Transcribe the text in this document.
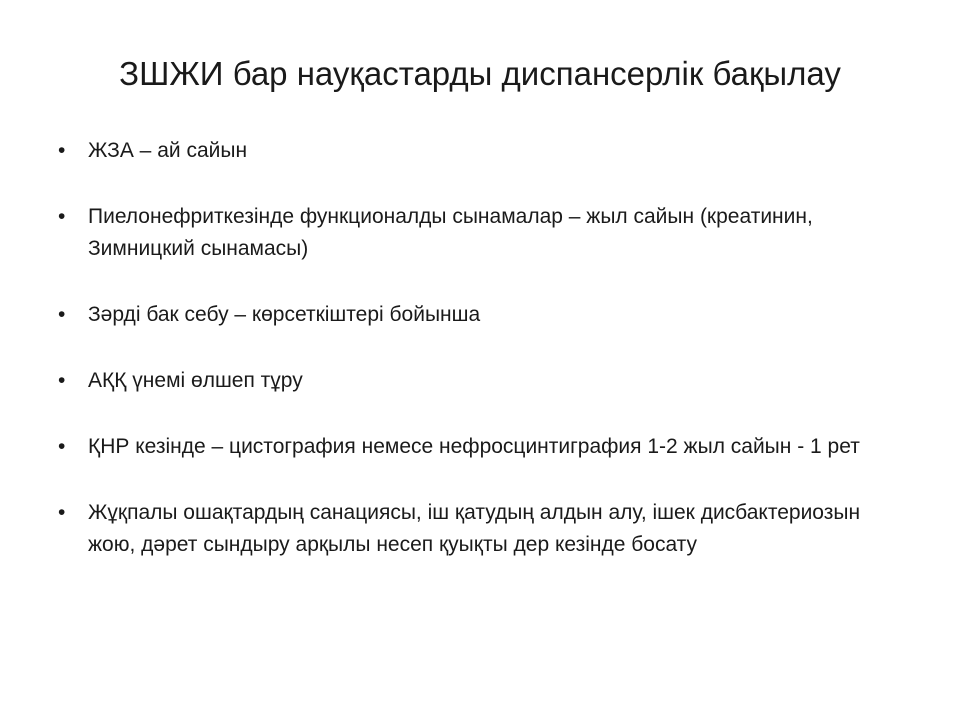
ЗШЖИ бар науқастарды диспансерлік бақылау
•	ЖЗА – ай сайын
•	Пиелонефриткезінде функционалды сынамалар – жыл сайын (креатинин, Зимницкий сынамасы)
•	Зәрді бак себу – көрсеткіштері бойынша
•	АҚҚ үнемі өлшеп тұру
•	ҚНР кезінде – цистография немесе нефросцинтиграфия 1-2 жыл сайын - 1 рет
•	Жұқпалы ошақтардың санациясы, іш қатудың алдын алу, ішек дисбактериозын жою, дәрет сындыру арқылы несеп қуықты дер кезінде босату
